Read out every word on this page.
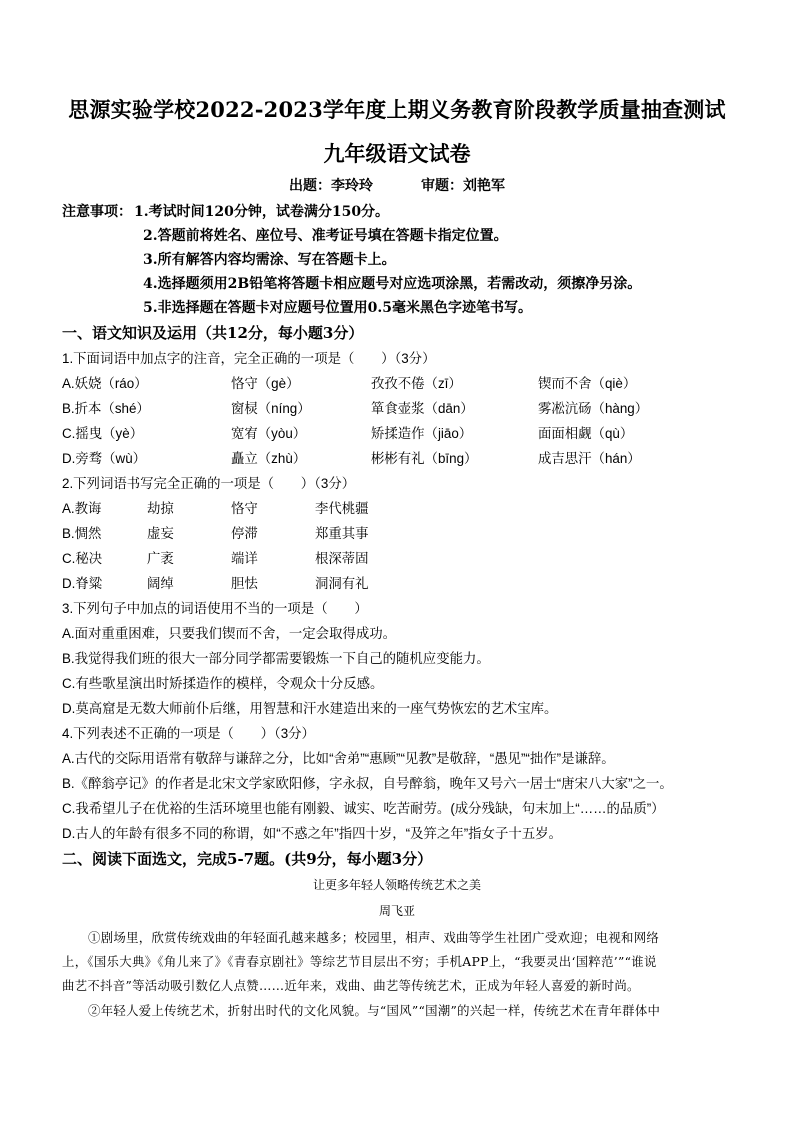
思源实验学校2022-2023学年度上期义务教育阶段教学质量抽查测试
九年级语文试卷
出题：李玲玲	审题：刘艳军
注意事项： 1.考试时间120分钟，试卷满分150分。
2.答题前将姓名、座位号、准考证号填在答题卡指定位置。
3.所有解答内容均需涂、写在答题卡上。
4.选择题须用2B铅笔将答题卡相应题号对应选项涂黑，若需改动，须擦净另涂。
5.非选择题在答题卡对应题号位置用0.5毫米黑色字迹笔书写。
一、语文知识及运用（共12分，每小题3分）
1.下面词语中加点字的注音，完全正确的一项是（　　）（3分）
A.妖娆（ráo）	恪守（gè）	孜孜不倦（zī）	锲而不舍（qiè）
B.折本（shé）	窗棂（níng）	箪食壶浆（dān）	雾凇沆砀（hàng）
C.摇曳（yè）	宽宥（yòu）	矫揉造作（jiāo）	面面相觑（qù）
D.旁骛（wù）	矗立（zhù）	彬彬有礼（bīng）	成吉思汗（hán）
2.下列词语书写完全正确的一项是（　　）（3分）
A.教诲	劫掠	恪守	李代桃疆
B.惆然	虚妄	停滞	郑重其事
C.秘决	广袤	端详	根深蒂固
D.脊粱	阔绰	胆怯	洞洞有礼
3.下列句子中加点的词语使用不当的一项是（　　）
A.面对重重困难，只要我们锲而不舍，一定会取得成功。
B.我觉得我们班的很大一部分同学都需要锻炼一下自己的随机应变能力。
C.有些歌星演出时矫揉造作的模样，令观众十分反感。
D.莫高窟是无数大师前仆后继，用智慧和汗水建造出来的一座气势恢宏的艺术宝库。
4.下列表述不正确的一项是（　　）（3分）
A.古代的交际用语常有敬辞与谦辞之分，比如“舍弟”“惠顾”“见教”是敬辞，“愚见”“拙作”是谦辞。
B.《醉翁亭记》的作者是北宋文学家欧阳修，字永叔，自号醉翁，晚年又号六一居士“唐宋八大家”之一。
C.我希望儿子在优裕的生活环境里也能有刚毅、诚实、吃苦耐劳。(成分残缺，句末加上“……的品质”）
D.古人的年龄有很多不同的称谓，如“不惑之年”指四十岁，“及笄之年”指女子十五岁。
二、阅读下面选文，完成5-7题。(共9分，每小题3分）
让更多年轻人领略传统艺术之美
周飞亚
①剧场里，欣赏传统戏曲的年轻面孔越来越多；校园里，相声、戏曲等学生社团广受欢迎；电视和网络
上，《国乐大典》《角儿来了》《青春京剧社》等综艺节目层出不穷；手机APP上，“我要灵出‘国粹范’”“谁说
曲艺不抖音”等活动吸引数亿人点赞……近年来，戏曲、曲艺等传统艺术，正成为年轻人喜爱的新时尚。
②年轻人爱上传统艺术，折射出时代的文化风貌。与“国风”“国潮”的兴起一样，传统艺术在青年群体中
